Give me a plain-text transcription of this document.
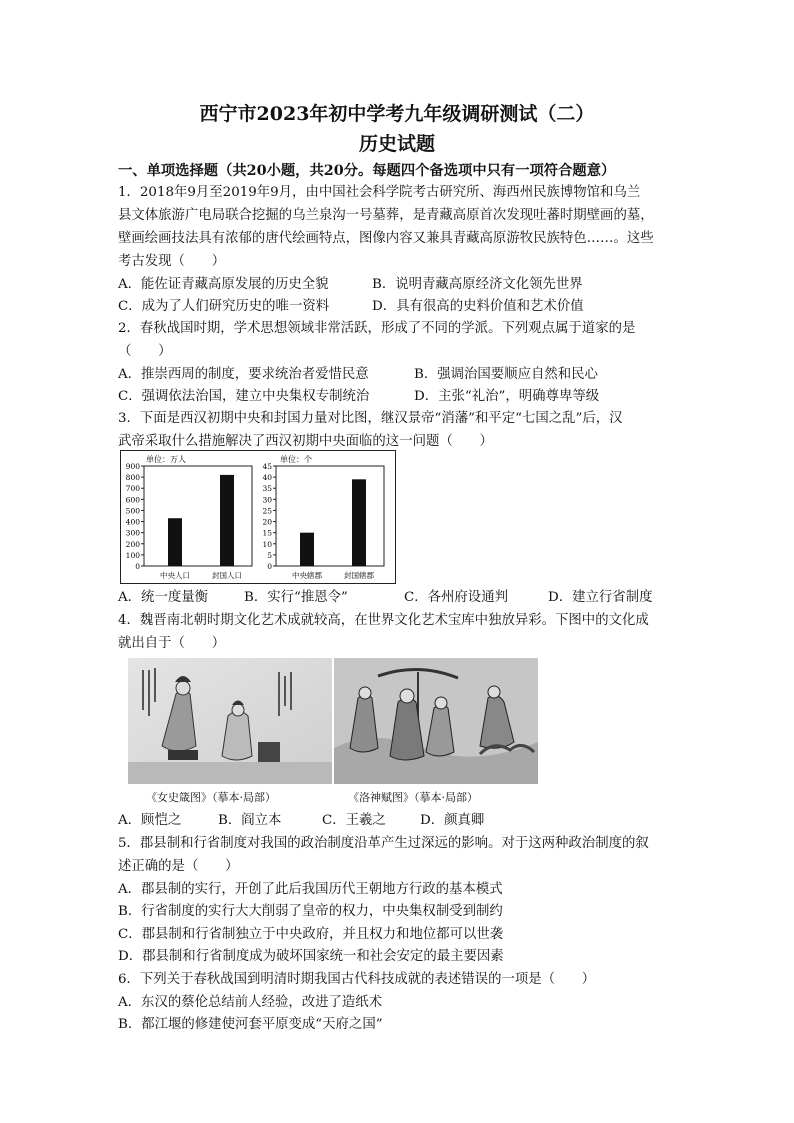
西宁市2023年初中学考九年级调研测试（二）
历史试题
一、单项选择题（共20小题，共20分。每题四个备选项中只有一项符合题意）
1．2018年9月至2019年9月，由中国社会科学院考古研究所、海西州民族博物馆和乌兰
县文体旅游广电局联合挖掘的乌兰泉沟一号墓葬，是青藏高原首次发现吐蕃时期壁画的墓，
壁画绘画技法具有浓郁的唐代绘画特点，图像内容又兼具青藏高原游牧民族特色……。这些
考古发现（　　）
A．能佐证青藏高原发展的历史全貌	B．说明青藏高原经济文化领先世界
C．成为了人们研究历史的唯一资料	D．具有很高的史料价值和艺术价值
2．春秋战国时期，学术思想领域非常活跃，形成了不同的学派。下列观点属于道家的是
（　　）
A．推崇西周的制度，要求统治者爱惜民意	B．强调治国要顺应自然和民心
C．强调依法治国，建立中央集权专制统治	D．主张“礼治”，明确尊卑等级
3．下面是西汉初期中央和封国力量对比图，继汉景帝“消藩”和平定“七国之乱”后，汉
武帝采取什么措施解决了西汉初期中央面临的这一问题（　　）
单位：万人
0
100
200
300
400
500
600
700
800
900
中央人口	封国人口
单位：个
0
5
10
15
20
25
30
35
40
45
中央辖郡	封国辖郡
A．统一度量衡	B．实行“推恩令”	C．各州府设通判	D．建立行省制度
4．魏晋南北朝时期文化艺术成就较高，在世界文化艺术宝库中独放异彩。下图中的文化成
就出自于（　　）
《女史箴图》（摹本·局部）	《洛神赋图》（摹本·局部）
A．顾恺之	B．阎立本	C．王羲之	D．颜真卿
5．郡县制和行省制度对我国的政治制度沿革产生过深远的影响。对于这两种政治制度的叙
述正确的是（　　）
A．郡县制的实行，开创了此后我国历代王朝地方行政的基本模式
B．行省制度的实行大大削弱了皇帝的权力，中央集权制受到制约
C．郡县制和行省制独立于中央政府，并且权力和地位都可以世袭
D．郡县制和行省制度成为破坏国家统一和社会安定的最主要因素
6．下列关于春秋战国到明清时期我国古代科技成就的表述错误的一项是（　　）
A．东汉的蔡伦总结前人经验，改进了造纸术
B．都江堰的修建使河套平原变成“天府之国”
